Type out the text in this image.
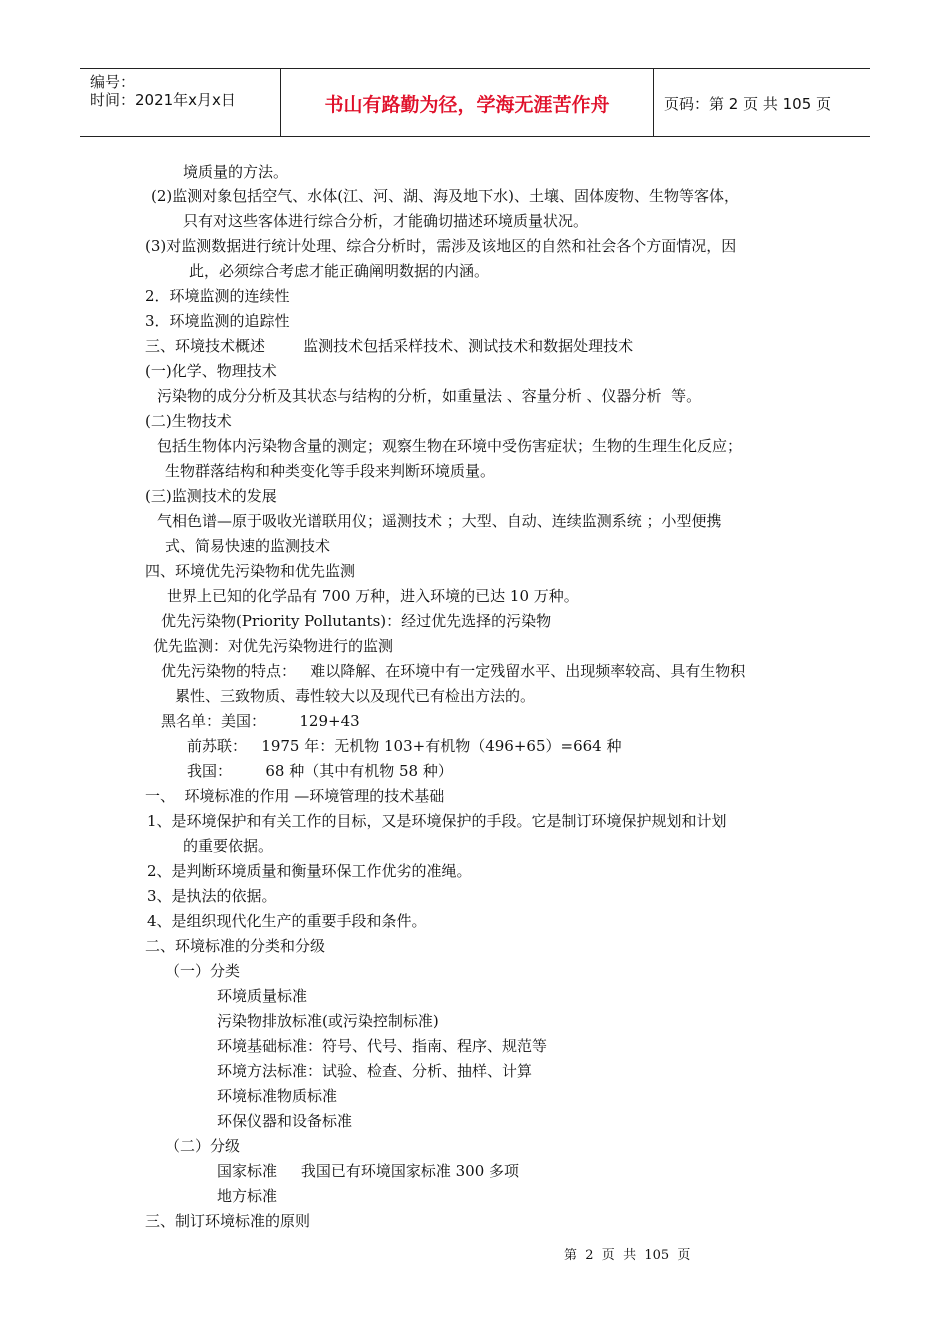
编号：
时间：2021年x月x日	书山有路勤为径，学海无涯苦作舟	页码：第 2 页 共 105 页
境质量的方法。
(2)监测对象包括空气、水体(江、河、湖、海及地下水)、土壤、固体废物、生物等客体，
只有对这些客体进行综合分析，才能确切描述环境质量状况。
(3)对监测数据进行统计处理、综合分析时，需涉及该地区的自然和社会各个方面情况，因
此，必须综合考虑才能正确阐明数据的内涵。
2．环境监测的连续性
3．环境监测的追踪性
三、环境技术概述        监测技术包括采样技术、测试技术和数据处理技术
(一)化学、物理技术
污染物的成分分析及其状态与结构的分析，如重量法 、容量分析 、仪器分析  等。
(二)生物技术
包括生物体内污染物含量的测定；观察生物在环境中受伤害症状；生物的生理生化反应；
生物群落结构和种类变化等手段来判断环境质量。
(三)监测技术的发展
气相色谱—原于吸收光谱联用仪；遥测技术 ；大型、自动、连续监测系统 ；小型便携
式、简易快速的监测技术
四、环境优先污染物和优先监测
世界上已知的化学品有 700 万种，进入环境的已达 10 万种。
优先污染物(Priority Pollutants)：经过优先选择的污染物
优先监测：对优先污染物进行的监测
优先污染物的特点：   难以降解、在环境中有一定残留水平、出现频率较高、具有生物积
累性、三致物质、毒性较大以及现代已有检出方法的。
黑名单：美国：       129+43
前苏联：   1975 年：无机物 103+有机物（496+65）=664 种
我国：       68 种（其中有机物 58 种）
一、  环境标准的作用 —环境管理的技术基础
1、是环境保护和有关工作的目标，又是环境保护的手段。它是制订环境保护规划和计划
的重要依据。
2、是判断环境质量和衡量环保工作优劣的准绳。
3、是执法的依据。
4、是组织现代化生产的重要手段和条件。
二、环境标准的分类和分级
（一）分类
环境质量标准
污染物排放标准(或污染控制标准)
环境基础标准：符号、代号、指南、程序、规范等
环境方法标准：试验、检查、分析、抽样、计算
环境标准物质标准
环保仪器和设备标准
（二）分级
国家标准     我国已有环境国家标准 300 多项
地方标准
三、制订环境标准的原则
第  2  页  共  105  页
